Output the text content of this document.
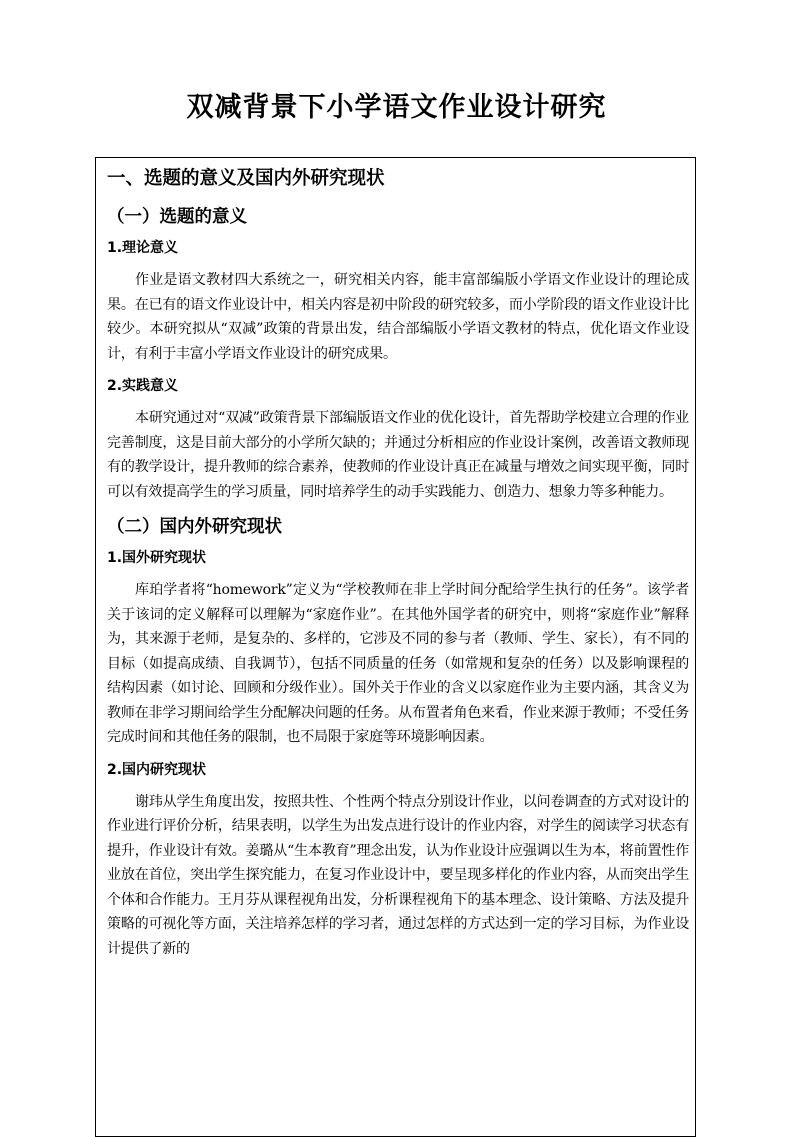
双减背景下小学语文作业设计研究
一、选题的意义及国内外研究现状
（一）选题的意义
1.理论意义

作业是语文教材四大系统之一，研究相关内容，能丰富部编版小学语文作业设计的理论成果。在已有的语文作业设计中，相关内容是初中阶段的研究较多，而小学阶段的语文作业设计比较少。本研究拟从“双减”政策的背景出发，结合部编版小学语文教材的特点，优化语文作业设计，有利于丰富小学语文作业设计的研究成果。

2.实践意义

本研究通过对“双减”政策背景下部编版语文作业的优化设计，首先帮助学校建立合理的作业完善制度，这是目前大部分的小学所欠缺的；并通过分析相应的作业设计案例，改善语文教师现有的教学设计，提升教师的综合素养，使教师的作业设计真正在减量与增效之间实现平衡，同时可以有效提高学生的学习质量，同时培养学生的动手实践能力、创造力、想象力等多种能力。

（二）国内外研究现状
1.国外研究现状

库珀学者将“homework”定义为“学校教师在非上学时间分配给学生执行的任务”。该学者关于该词的定义解释可以理解为“家庭作业”。在其他外国学者的研究中，则将“家庭作业”解释为，其来源于老师，是复杂的、多样的，它涉及不同的参与者（教师、学生、家长），有不同的目标（如提高成绩、自我调节），包括不同质量的任务（如常规和复杂的任务）以及影响课程的结构因素（如讨论、回顾和分级作业）。国外关于作业的含义以家庭作业为主要内涵，其含义为教师在非学习期间给学生分配解决问题的任务。从布置者角色来看，作业来源于教师；不受任务完成时间和其他任务的限制，也不局限于家庭等环境影响因素。

2.国内研究现状

谢玮从学生角度出发，按照共性、个性两个特点分别设计作业，以问卷调查的方式对设计的作业进行评价分析，结果表明，以学生为出发点进行设计的作业内容，对学生的阅读学习状态有提升，作业设计有效。姜璐从“生本教育”理念出发，认为作业设计应强调以生为本，将前置性作业放在首位，突出学生探究能力，在复习作业设计中，要呈现多样化的作业内容，从而突出学生个体和合作能力。王月芬从课程视角出发，分析课程视角下的基本理念、设计策略、方法及提升策略的可视化等方面，关注培养怎样的学习者，通过怎样的方式达到一定的学习目标，为作业设计提供了新的
